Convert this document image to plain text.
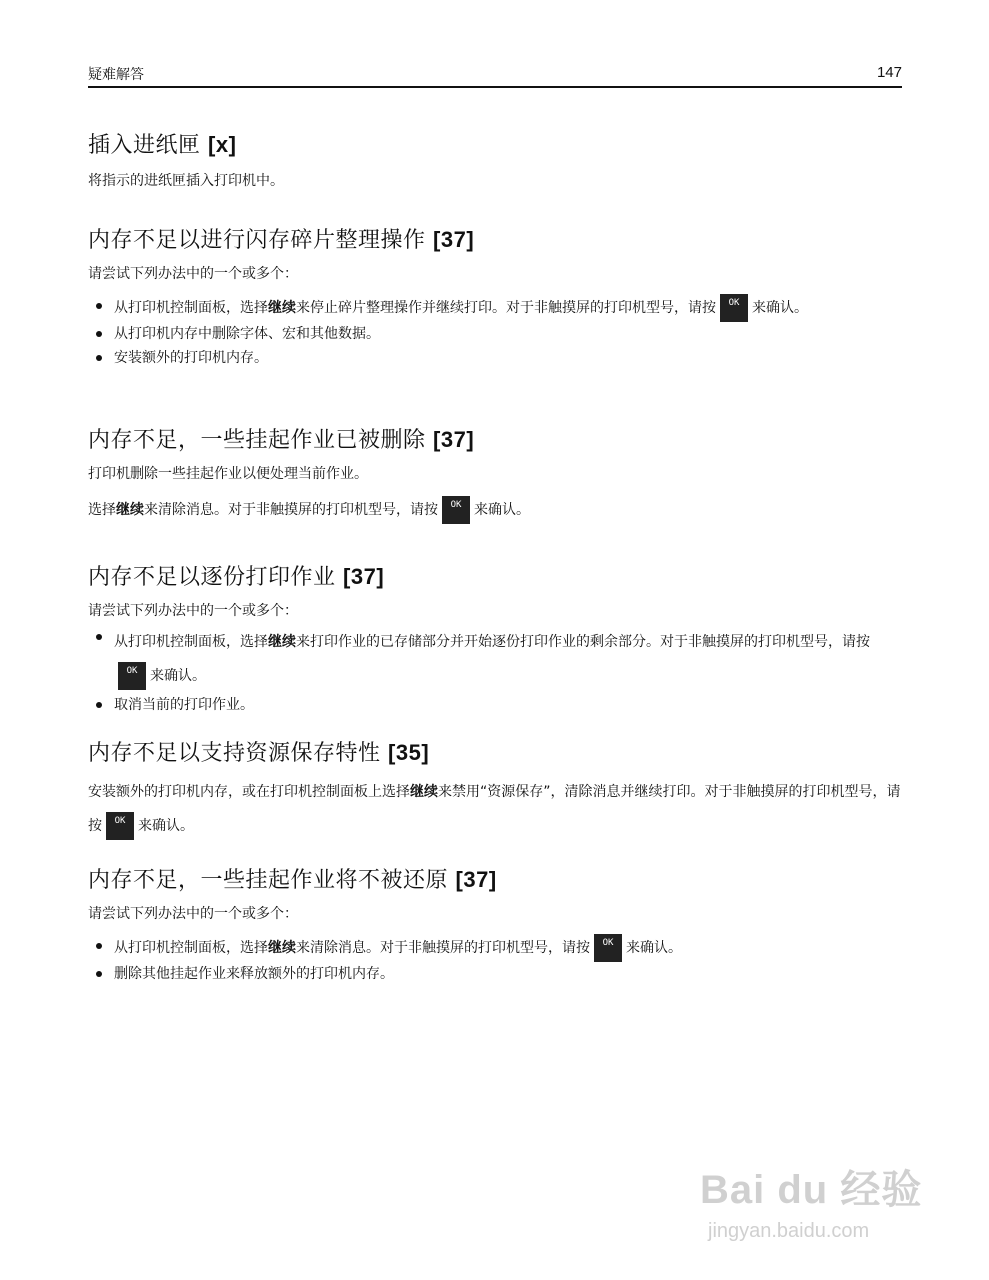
疑难解答	147
插入进纸匣 [x]

将指示的进纸匣插入打印机中。

内存不足以进行闪存碎片整理操作 [37]

请尝试下列办法中的一个或多个：

从打印机控制面板，选择继续来停止碎片整理操作并继续打印。对于非触摸屏的打印机型号，请按 OK 来确认。
从打印机内存中删除字体、宏和其他数据。
安装额外的打印机内存。
内存不足，一些挂起作业已被删除 [37]

打印机删除一些挂起作业以便处理当前作业。

选择继续来清除消息。对于非触摸屏的打印机型号，请按 OK 来确认。

内存不足以逐份打印作业 [37]

请尝试下列办法中的一个或多个：

从打印机控制面板，选择继续来打印作业的已存储部分并开始逐份打印作业的剩余部分。对于非触摸屏的打印机型号，请按OK 来确认。
取消当前的打印作业。
内存不足以支持资源保存特性 [35]

安装额外的打印机内存，或在打印机控制面板上选择继续来禁用“资源保存”，清除消息并继续打印。对于非触摸屏的打印机型号，请按 OK 来确认。

内存不足，一些挂起作业将不被还原 [37]

请尝试下列办法中的一个或多个：

从打印机控制面板，选择继续来清除消息。对于非触摸屏的打印机型号，请按 OK 来确认。
删除其他挂起作业来释放额外的打印机内存。
Bai du 经验
jingyan.baidu.com
